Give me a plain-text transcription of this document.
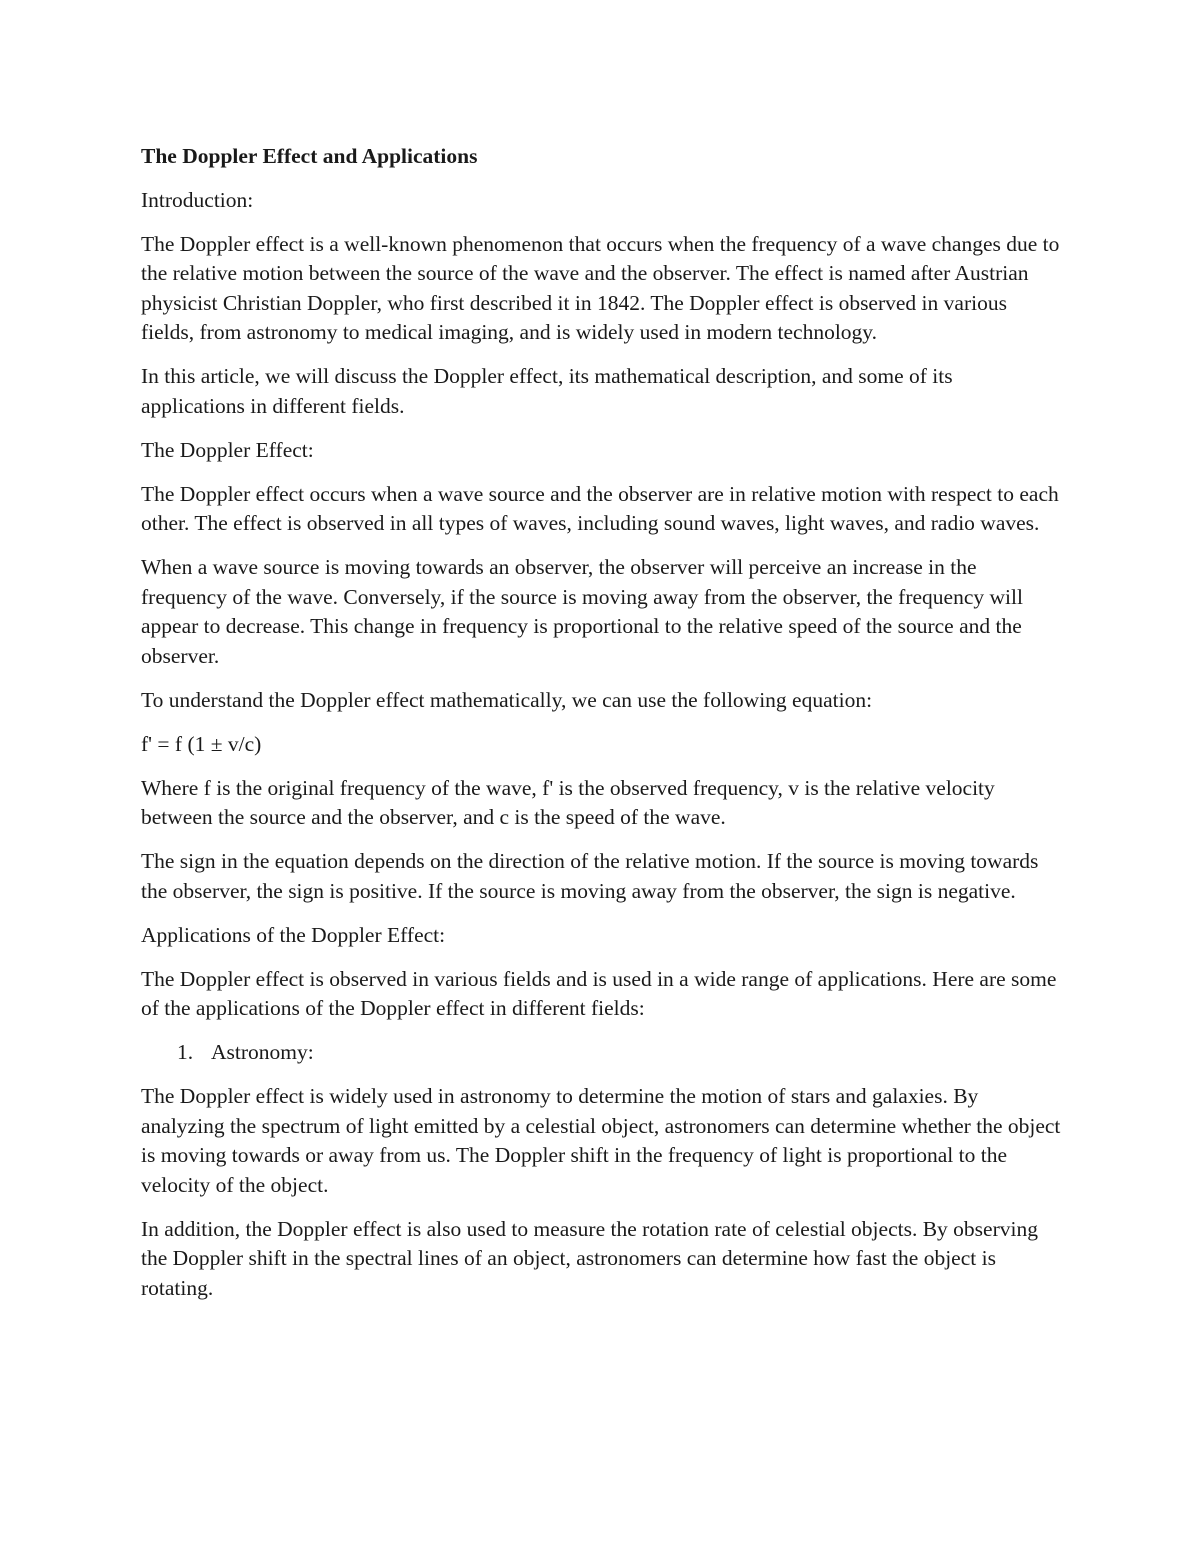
The Doppler Effect and Applications

Introduction:

The Doppler effect is a well-known phenomenon that occurs when the frequency of a wave changes due to the relative motion between the source of the wave and the observer. The effect is named after Austrian physicist Christian Doppler, who first described it in 1842. The Doppler effect is observed in various fields, from astronomy to medical imaging, and is widely used in modern technology.

In this article, we will discuss the Doppler effect, its mathematical description, and some of its applications in different fields.

The Doppler Effect:

The Doppler effect occurs when a wave source and the observer are in relative motion with respect to each other. The effect is observed in all types of waves, including sound waves, light waves, and radio waves.

When a wave source is moving towards an observer, the observer will perceive an increase in the frequency of the wave. Conversely, if the source is moving away from the observer, the frequency will appear to decrease. This change in frequency is proportional to the relative speed of the source and the observer.

To understand the Doppler effect mathematically, we can use the following equation:

f' = f (1 ± v/c)

Where f is the original frequency of the wave, f' is the observed frequency, v is the relative velocity between the source and the observer, and c is the speed of the wave.

The sign in the equation depends on the direction of the relative motion. If the source is moving towards the observer, the sign is positive. If the source is moving away from the observer, the sign is negative.

Applications of the Doppler Effect:

The Doppler effect is observed in various fields and is used in a wide range of applications. Here are some of the applications of the Doppler effect in different fields:

1. Astronomy:

The Doppler effect is widely used in astronomy to determine the motion of stars and galaxies. By analyzing the spectrum of light emitted by a celestial object, astronomers can determine whether the object is moving towards or away from us. The Doppler shift in the frequency of light is proportional to the velocity of the object.

In addition, the Doppler effect is also used to measure the rotation rate of celestial objects. By observing the Doppler shift in the spectral lines of an object, astronomers can determine how fast the object is rotating.
